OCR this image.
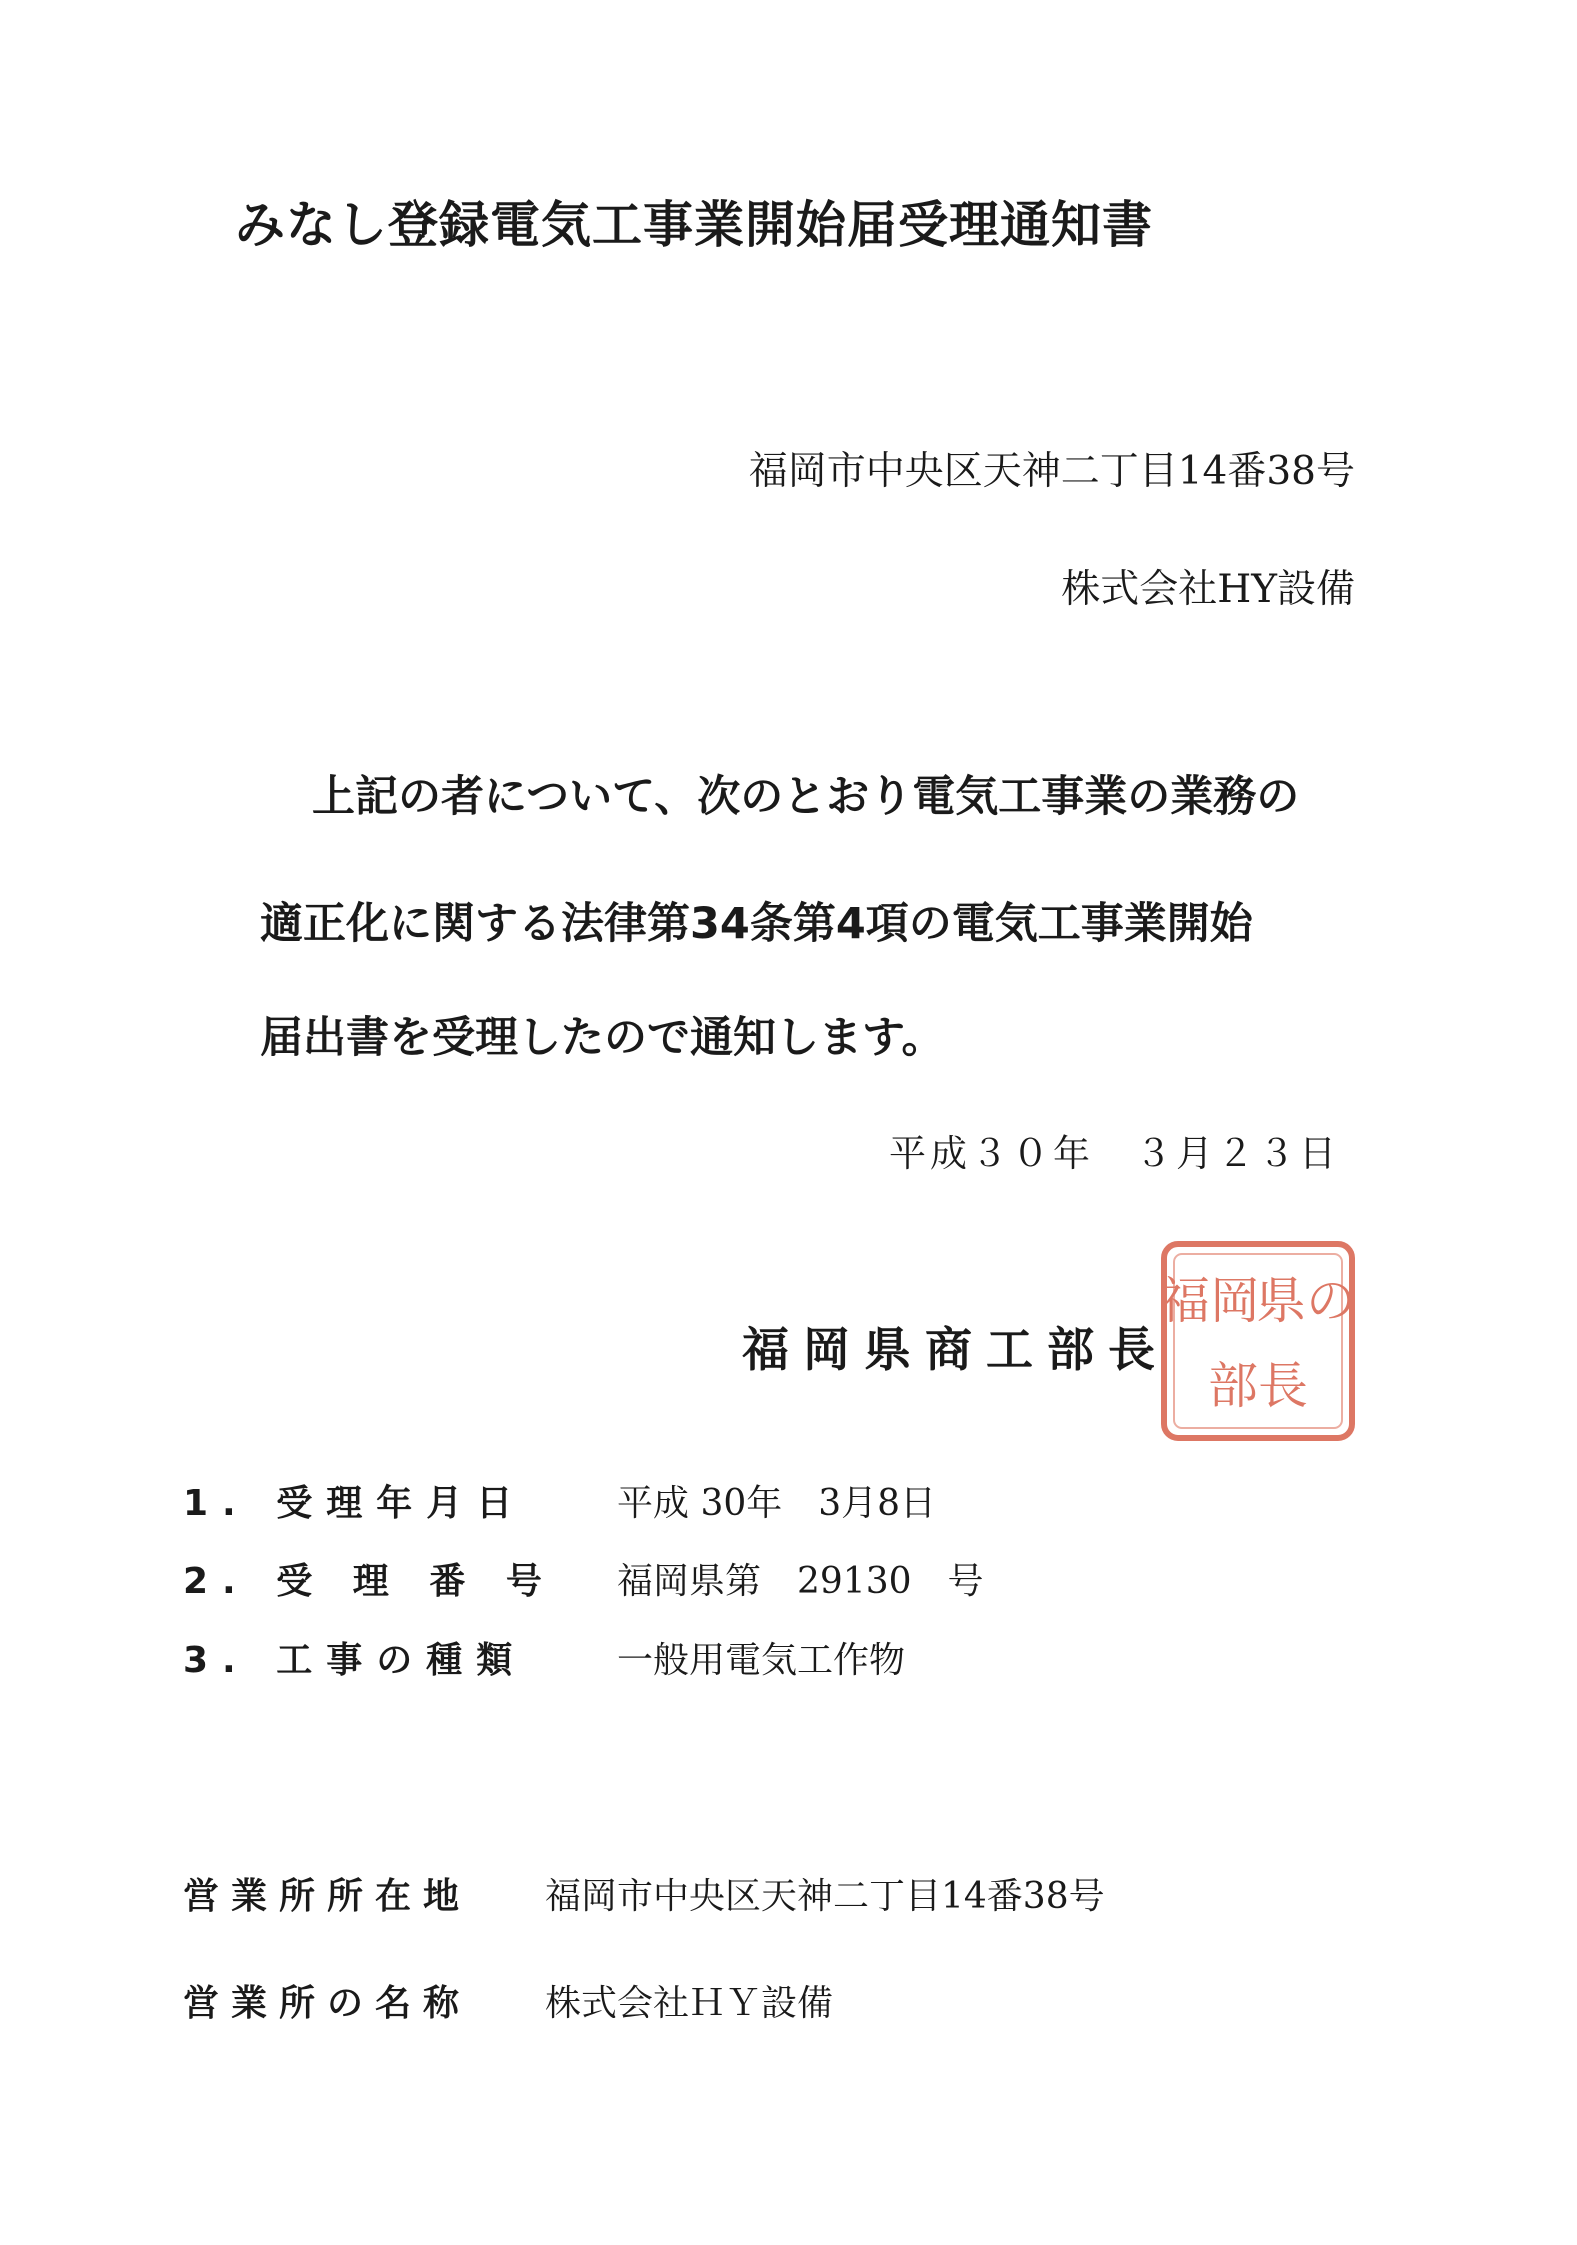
みなし登録電気工事業開始届受理通知書
福岡市中央区天神二丁目14番38号
株式会社HY設備
上記の者について、次のとおり電気工事業の業務の
適正化に関する法律第34条第4項の電気工事業開始
届出書を受理したので通知します。
平成３０年　３月２３日
福岡県商工部長
福岡
県の
部長
1. 受理年月日	平成 30年　3月8日
2. 受 理 番 号 福岡県第　29130　号
3. 工事の種類	一般用電気工作物
営業所所在地 福岡市中央区天神二丁目14番38号
営業所の名称 株式会社ＨＹ設備
